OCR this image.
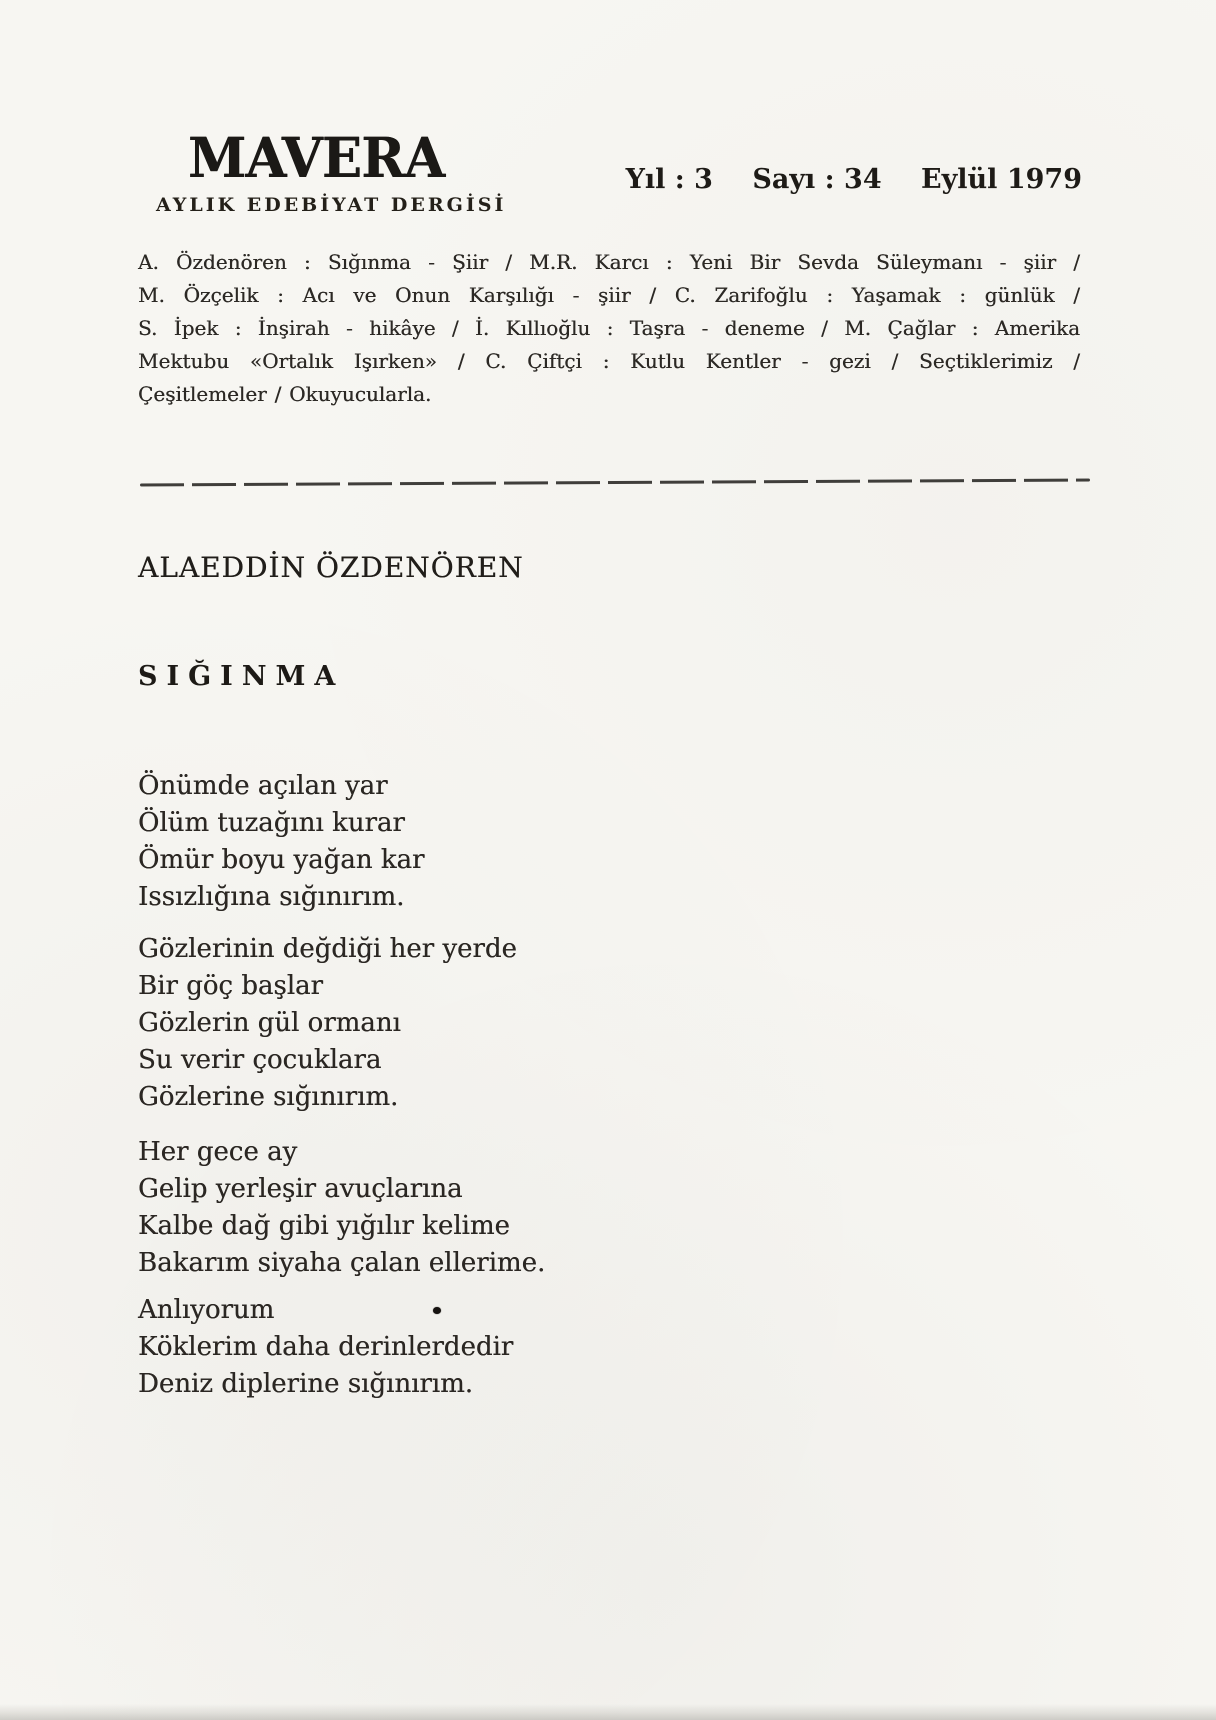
MAVERA
AYLIK EDEBİYAT DERGİSİ
Yıl : 3 Sayı : 34 Eylül 1979

A. Özdenören : Sığınma - Şiir / M.R. Karcı : Yeni Bir Sevda Süleymanı - şiir /

M. Özçelik : Acı ve Onun Karşılığı - şiir / C. Zarifoğlu : Yaşamak : günlük /

S. İpek : İnşirah - hikâye / İ. Kıllıoğlu : Taşra - deneme / M. Çağlar : Amerika

Mektubu «Ortalık Işırken» / C. Çiftçi : Kutlu Kentler - gezi / Seçtiklerimiz /

Çeşitlemeler / Okuyucularla.

ALAEDDİN ÖZDENÖREN
SIĞINMA

Önümde açılan yar

Ölüm tuzağını kurar

Ömür boyu yağan kar

Issızlığına sığınırım.

Gözlerinin değdiği her yerde

Bir göç başlar

Gözlerin gül ormanı

Su verir çocuklara

Gözlerine sığınırım.

Her gece ay

Gelip yerleşir avuçlarına

Kalbe dağ gibi yığılır kelime

Bakarım siyaha çalan ellerime.

Anlıyorum

Köklerim daha derinlerdedir

Deniz diplerine sığınırım.
